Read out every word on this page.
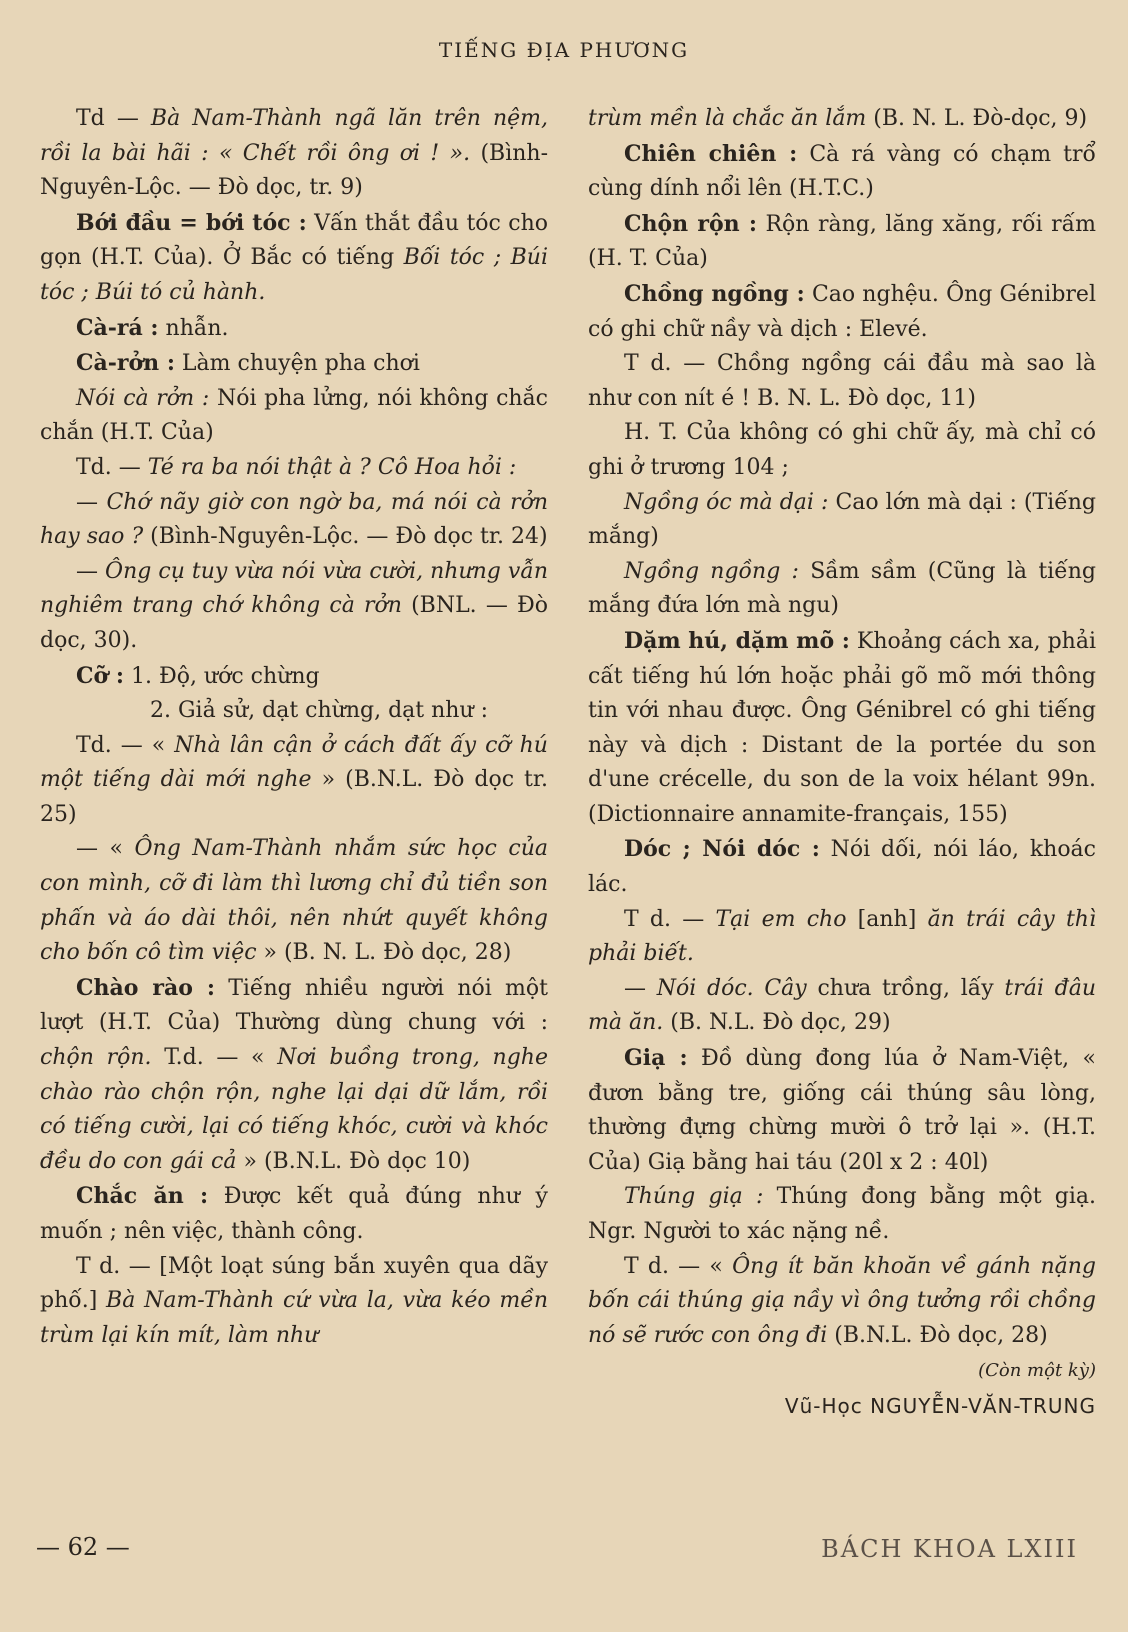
TIẾNG ĐỊA PHƯƠNG

Td — Bà Nam-Thành ngã lăn trên nệm, rồi la bài hãi : « Chết rồi ông ơi ! ». (Bình-Nguyên-Lộc. — Đò dọc, tr. 9)

Bới đầu = bới tóc : Vấn thắt đầu tóc cho gọn (H.T. Của). Ở Bắc có tiếng Bối tóc ; Búi tóc ; Búi tó củ hành.

Cà-rá : nhẫn.

Cà-rởn : Làm chuyện pha chơi

Nói cà rởn : Nói pha lửng, nói không chắc chắn (H.T. Của)

Td. — Té ra ba nói thật à ? Cô Hoa hỏi :

— Chớ nãy giờ con ngờ ba, má nói cà rởn hay sao ? (Bình-Nguyên-Lộc. — Đò dọc tr. 24)

— Ông cụ tuy vừa nói vừa cười, nhưng vẫn nghiêm trang chớ không cà rởn (BNL. — Đò dọc, 30).

Cỡ : 1. Độ, ước chừng

2. Giả sử, dạt chừng, dạt như :

Td. — « Nhà lân cận ở cách đất ấy cỡ hú một tiếng dài mới nghe » (B.N.L. Đò dọc tr. 25)

— « Ông Nam-Thành nhắm sức học của con mình, cỡ đi làm thì lương chỉ đủ tiền son phấn và áo dài thôi, nên nhứt quyết không cho bốn cô tìm việc » (B. N. L. Đò dọc, 28)

Chào rào : Tiếng nhiều người nói một lượt (H.T. Của) Thường dùng chung với : chộn rộn. T.d. — « Nơi buồng trong, nghe chào rào chộn rộn, nghe lại dại dữ lắm, rồi có tiếng cười, lại có tiếng khóc, cười và khóc đều do con gái cả » (B.N.L. Đò dọc 10)

Chắc ăn : Được kết quả đúng như ý muốn ; nên việc, thành công.

T d. — [Một loạt súng bắn xuyên qua dãy phố.] Bà Nam-Thành cứ vừa la, vừa kéo mền trùm lại kín mít, làm như

trùm mền là chắc ăn lắm (B. N. L. Đò-dọc, 9)

Chiên chiên : Cà rá vàng có chạm trổ cùng dính nổi lên (H.T.C.)

Chộn rộn : Rộn ràng, lăng xăng, rối rấm (H. T. Của)

Chồng ngồng : Cao nghệu. Ông Génibrel có ghi chữ nầy và dịch : Elevé.

T d. — Chồng ngồng cái đầu mà sao là như con nít é ! B. N. L. Đò dọc, 11)

H. T. Của không có ghi chữ ấy, mà chỉ có ghi ở trương 104 ;

Ngồng óc mà dại : Cao lớn mà dại : (Tiếng mắng)

Ngồng ngồng : Sầm sầm (Cũng là tiếng mắng đứa lớn mà ngu)

Dặm hú, dặm mõ : Khoảng cách xa, phải cất tiếng hú lớn hoặc phải gõ mõ mới thông tin với nhau được. Ông Génibrel có ghi tiếng này và dịch : Distant de la portée du son d'une crécelle, du son de la voix hélant 99n. (Dictionnaire annamite-français, 155)

Dóc ; Nói dóc : Nói dối, nói láo, khoác lác.

T d. — Tại em cho [anh] ăn trái cây thì phải biết.

— Nói dóc. Cây chưa trồng, lấy trái đâu mà ăn. (B. N.L. Đò dọc, 29)

Giạ : Đồ dùng đong lúa ở Nam-Việt, « đươn bằng tre, giống cái thúng sâu lòng, thường đựng chừng mười ô trở lại ». (H.T. Của) Giạ bằng hai táu (20l x 2 : 40l)

Thúng giạ : Thúng đong bằng một giạ. Ngr. Người to xác nặng nề.

T d. — « Ông ít băn khoăn về gánh nặng bốn cái thúng giạ nầy vì ông tưởng rồi chồng nó sẽ rước con ông đi (B.N.L. Đò dọc, 28)

(Còn một kỳ)

Vũ-Học NGUYỄN-VĂN-TRUNG

— 62 —	BÁCH KHOA LXIII
